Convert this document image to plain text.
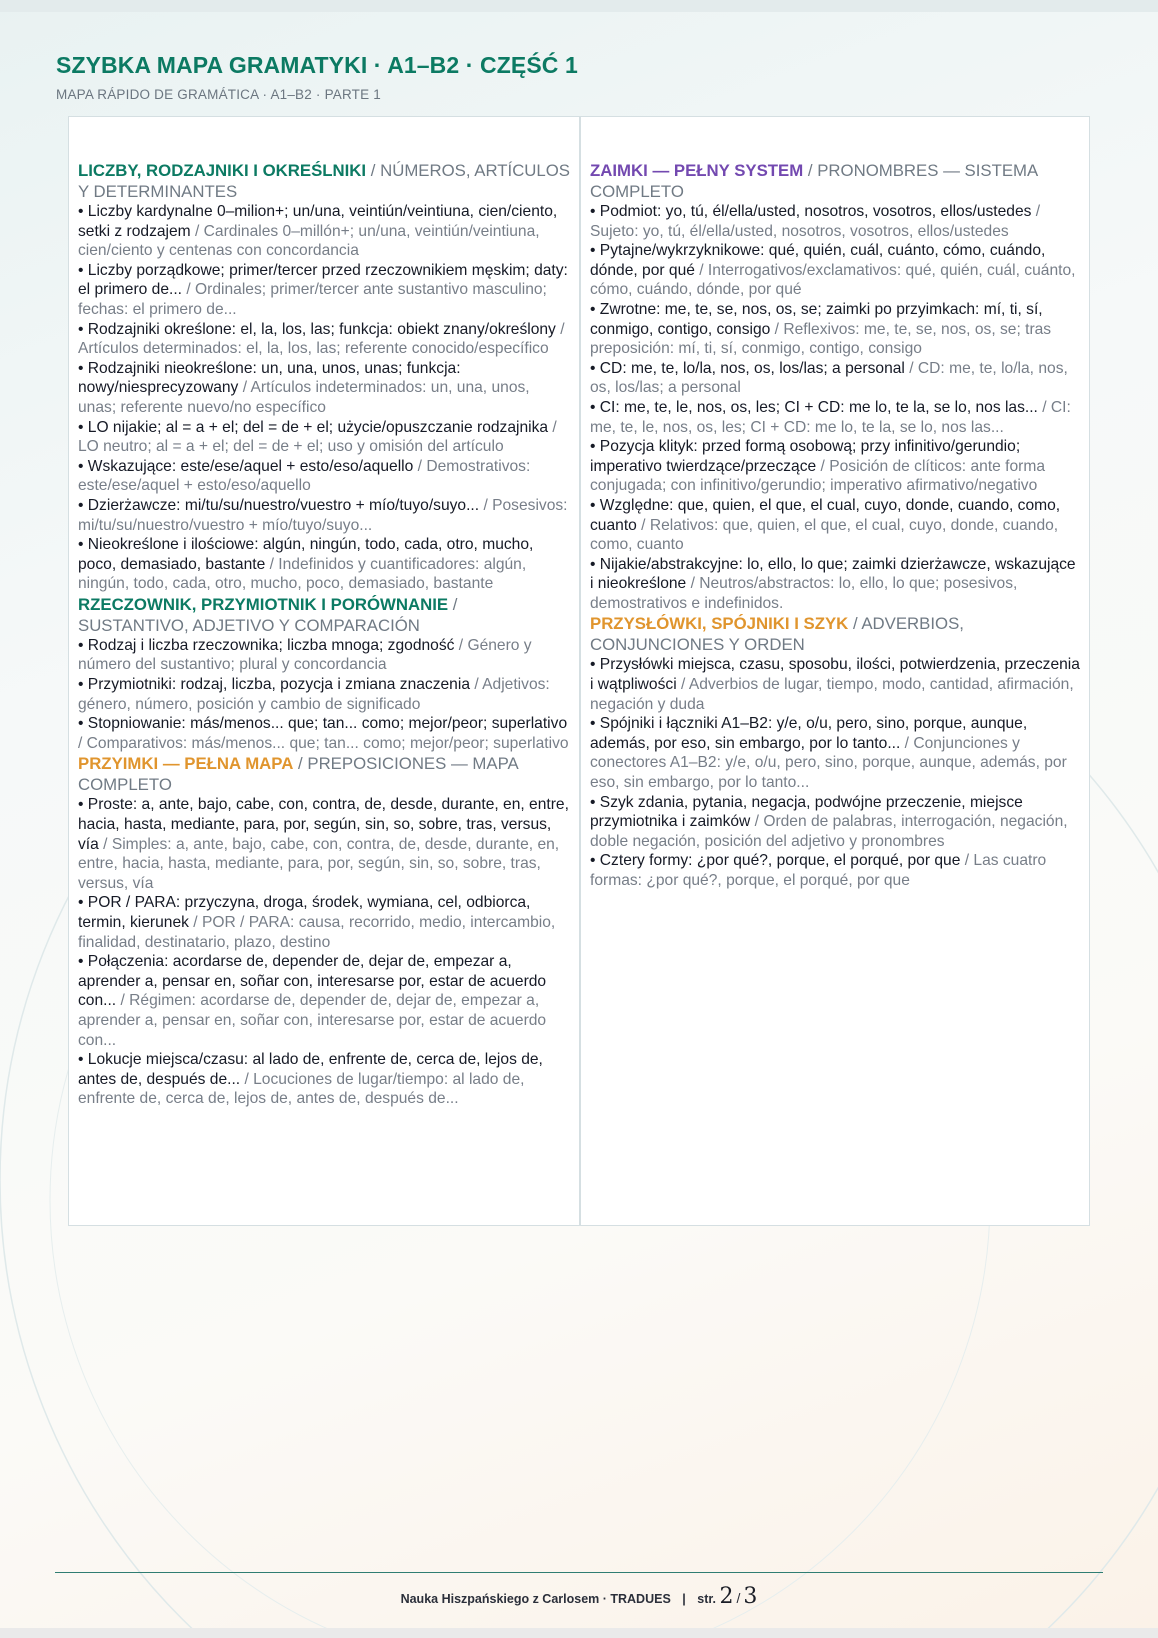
SZYBKA MAPA GRAMATYKI · A1–B2 · CZĘŚĆ 1
MAPA RÁPIDO DE GRAMÁTICA · A1–B2 · PARTE 1
LICZBY, RODZAJNIKI I OKREŚLNIKI / NÚMEROS, ARTÍCULOS Y DETERMINANTES
• Liczby kardynalne 0–milion+; un/una, veintiún/veintiuna, cien/ciento, setki z rodzajem / Cardinales 0–millón+; un/una, veintiún/veintiuna, cien/ciento y centenas con concordancia
• Liczby porządkowe; primer/tercer przed rzeczownikiem męskim; daty: el primero de... / Ordinales; primer/tercer ante sustantivo masculino; fechas: el primero de...
• Rodzajniki określone: el, la, los, las; funkcja: obiekt znany/określony / Artículos determinados: el, la, los, las; referente conocido/específico
• Rodzajniki nieokreślone: un, una, unos, unas; funkcja: nowy/niesprecyzowany / Artículos indeterminados: un, una, unos, unas; referente nuevo/no específico
• LO nijakie; al = a + el; del = de + el; użycie/opuszczanie rodzajnika / LO neutro; al = a + el; del = de + el; uso y omisión del artículo
• Wskazujące: este/ese/aquel + esto/eso/aquello / Demostrativos: este/ese/aquel + esto/eso/aquello
• Dzierżawcze: mi/tu/su/nuestro/vuestro + mío/tuyo/suyo... / Posesivos: mi/tu/su/nuestro/vuestro + mío/tuyo/suyo...
• Nieokreślone i ilościowe: algún, ningún, todo, cada, otro, mucho, poco, demasiado, bastante / Indefinidos y cuantificadores: algún, ningún, todo, cada, otro, mucho, poco, demasiado, bastante
RZECZOWNIK, PRZYMIOTNIK I PORÓWNANIE / SUSTANTIVO, ADJETIVO Y COMPARACIÓN
• Rodzaj i liczba rzeczownika; liczba mnoga; zgodność / Género y número del sustantivo; plural y concordancia
• Przymiotniki: rodzaj, liczba, pozycja i zmiana znaczenia / Adjetivos: género, número, posición y cambio de significado
• Stopniowanie: más/menos... que; tan... como; mejor/peor; superlativo / Comparativos: más/menos... que; tan... como; mejor/peor; superlativo
PRZYIMKI — PEŁNA MAPA / PREPOSICIONES — MAPA COMPLETO
• Proste: a, ante, bajo, cabe, con, contra, de, desde, durante, en, entre, hacia, hasta, mediante, para, por, según, sin, so, sobre, tras, versus, vía / Simples: a, ante, bajo, cabe, con, contra, de, desde, durante, en, entre, hacia, hasta, mediante, para, por, según, sin, so, sobre, tras, versus, vía
• POR / PARA: przyczyna, droga, środek, wymiana, cel, odbiorca, termin, kierunek / POR / PARA: causa, recorrido, medio, intercambio, finalidad, destinatario, plazo, destino
• Połączenia: acordarse de, depender de, dejar de, empezar a, aprender a, pensar en, soñar con, interesarse por, estar de acuerdo con... / Régimen: acordarse de, depender de, dejar de, empezar a, aprender a, pensar en, soñar con, interesarse por, estar de acuerdo con...
• Lokucje miejsca/czasu: al lado de, enfrente de, cerca de, lejos de, antes de, después de... / Locuciones de lugar/tiempo: al lado de, enfrente de, cerca de, lejos de, antes de, después de...
ZAIMKI — PEŁNY SYSTEM / PRONOMBRES — SISTEMA COMPLETO
• Podmiot: yo, tú, él/ella/usted, nosotros, vosotros, ellos/ustedes / Sujeto: yo, tú, él/ella/usted, nosotros, vosotros, ellos/ustedes
• Pytajne/wykrzyknikowe: qué, quién, cuál, cuánto, cómo, cuándo, dónde, por qué / Interrogativos/exclamativos: qué, quién, cuál, cuánto, cómo, cuándo, dónde, por qué
• Zwrotne: me, te, se, nos, os, se; zaimki po przyimkach: mí, ti, sí, conmigo, contigo, consigo / Reflexivos: me, te, se, nos, os, se; tras preposición: mí, ti, sí, conmigo, contigo, consigo
• CD: me, te, lo/la, nos, os, los/las; a personal / CD: me, te, lo/la, nos, os, los/las; a personal
• CI: me, te, le, nos, os, les; CI + CD: me lo, te la, se lo, nos las... / CI: me, te, le, nos, os, les; CI + CD: me lo, te la, se lo, nos las...
• Pozycja klityk: przed formą osobową; przy infinitivo/gerundio; imperativo twierdzące/przeczące / Posición de clíticos: ante forma conjugada; con infinitivo/gerundio; imperativo afirmativo/negativo
• Względne: que, quien, el que, el cual, cuyo, donde, cuando, como, cuanto / Relativos: que, quien, el que, el cual, cuyo, donde, cuando, como, cuanto
• Nijakie/abstrakcyjne: lo, ello, lo que; zaimki dzierżawcze, wskazujące i nieokreślone / Neutros/abstractos: lo, ello, lo que; posesivos, demostrativos e indefinidos.
PRZYSŁÓWKI, SPÓJNIKI I SZYK / ADVERBIOS, CONJUNCIONES Y ORDEN
• Przysłówki miejsca, czasu, sposobu, ilości, potwierdzenia, przeczenia i wątpliwości / Adverbios de lugar, tiempo, modo, cantidad, afirmación, negación y duda
• Spójniki i łączniki A1–B2: y/e, o/u, pero, sino, porque, aunque, además, por eso, sin embargo, por lo tanto... / Conjunciones y conectores A1–B2: y/e, o/u, pero, sino, porque, aunque, además, por eso, sin embargo, por lo tanto...
• Szyk zdania, pytania, negacja, podwójne przeczenie, miejsce przymiotnika i zaimków / Orden de palabras, interrogación, negación, doble negación, posición del adjetivo y pronombres
• Cztery formy: ¿por qué?, porque, el porqué, por que / Las cuatro formas: ¿por qué?, porque, el porqué, por que
Nauka Hiszpańskiego z Carlosem · TRADUES | str. 2 / 3
